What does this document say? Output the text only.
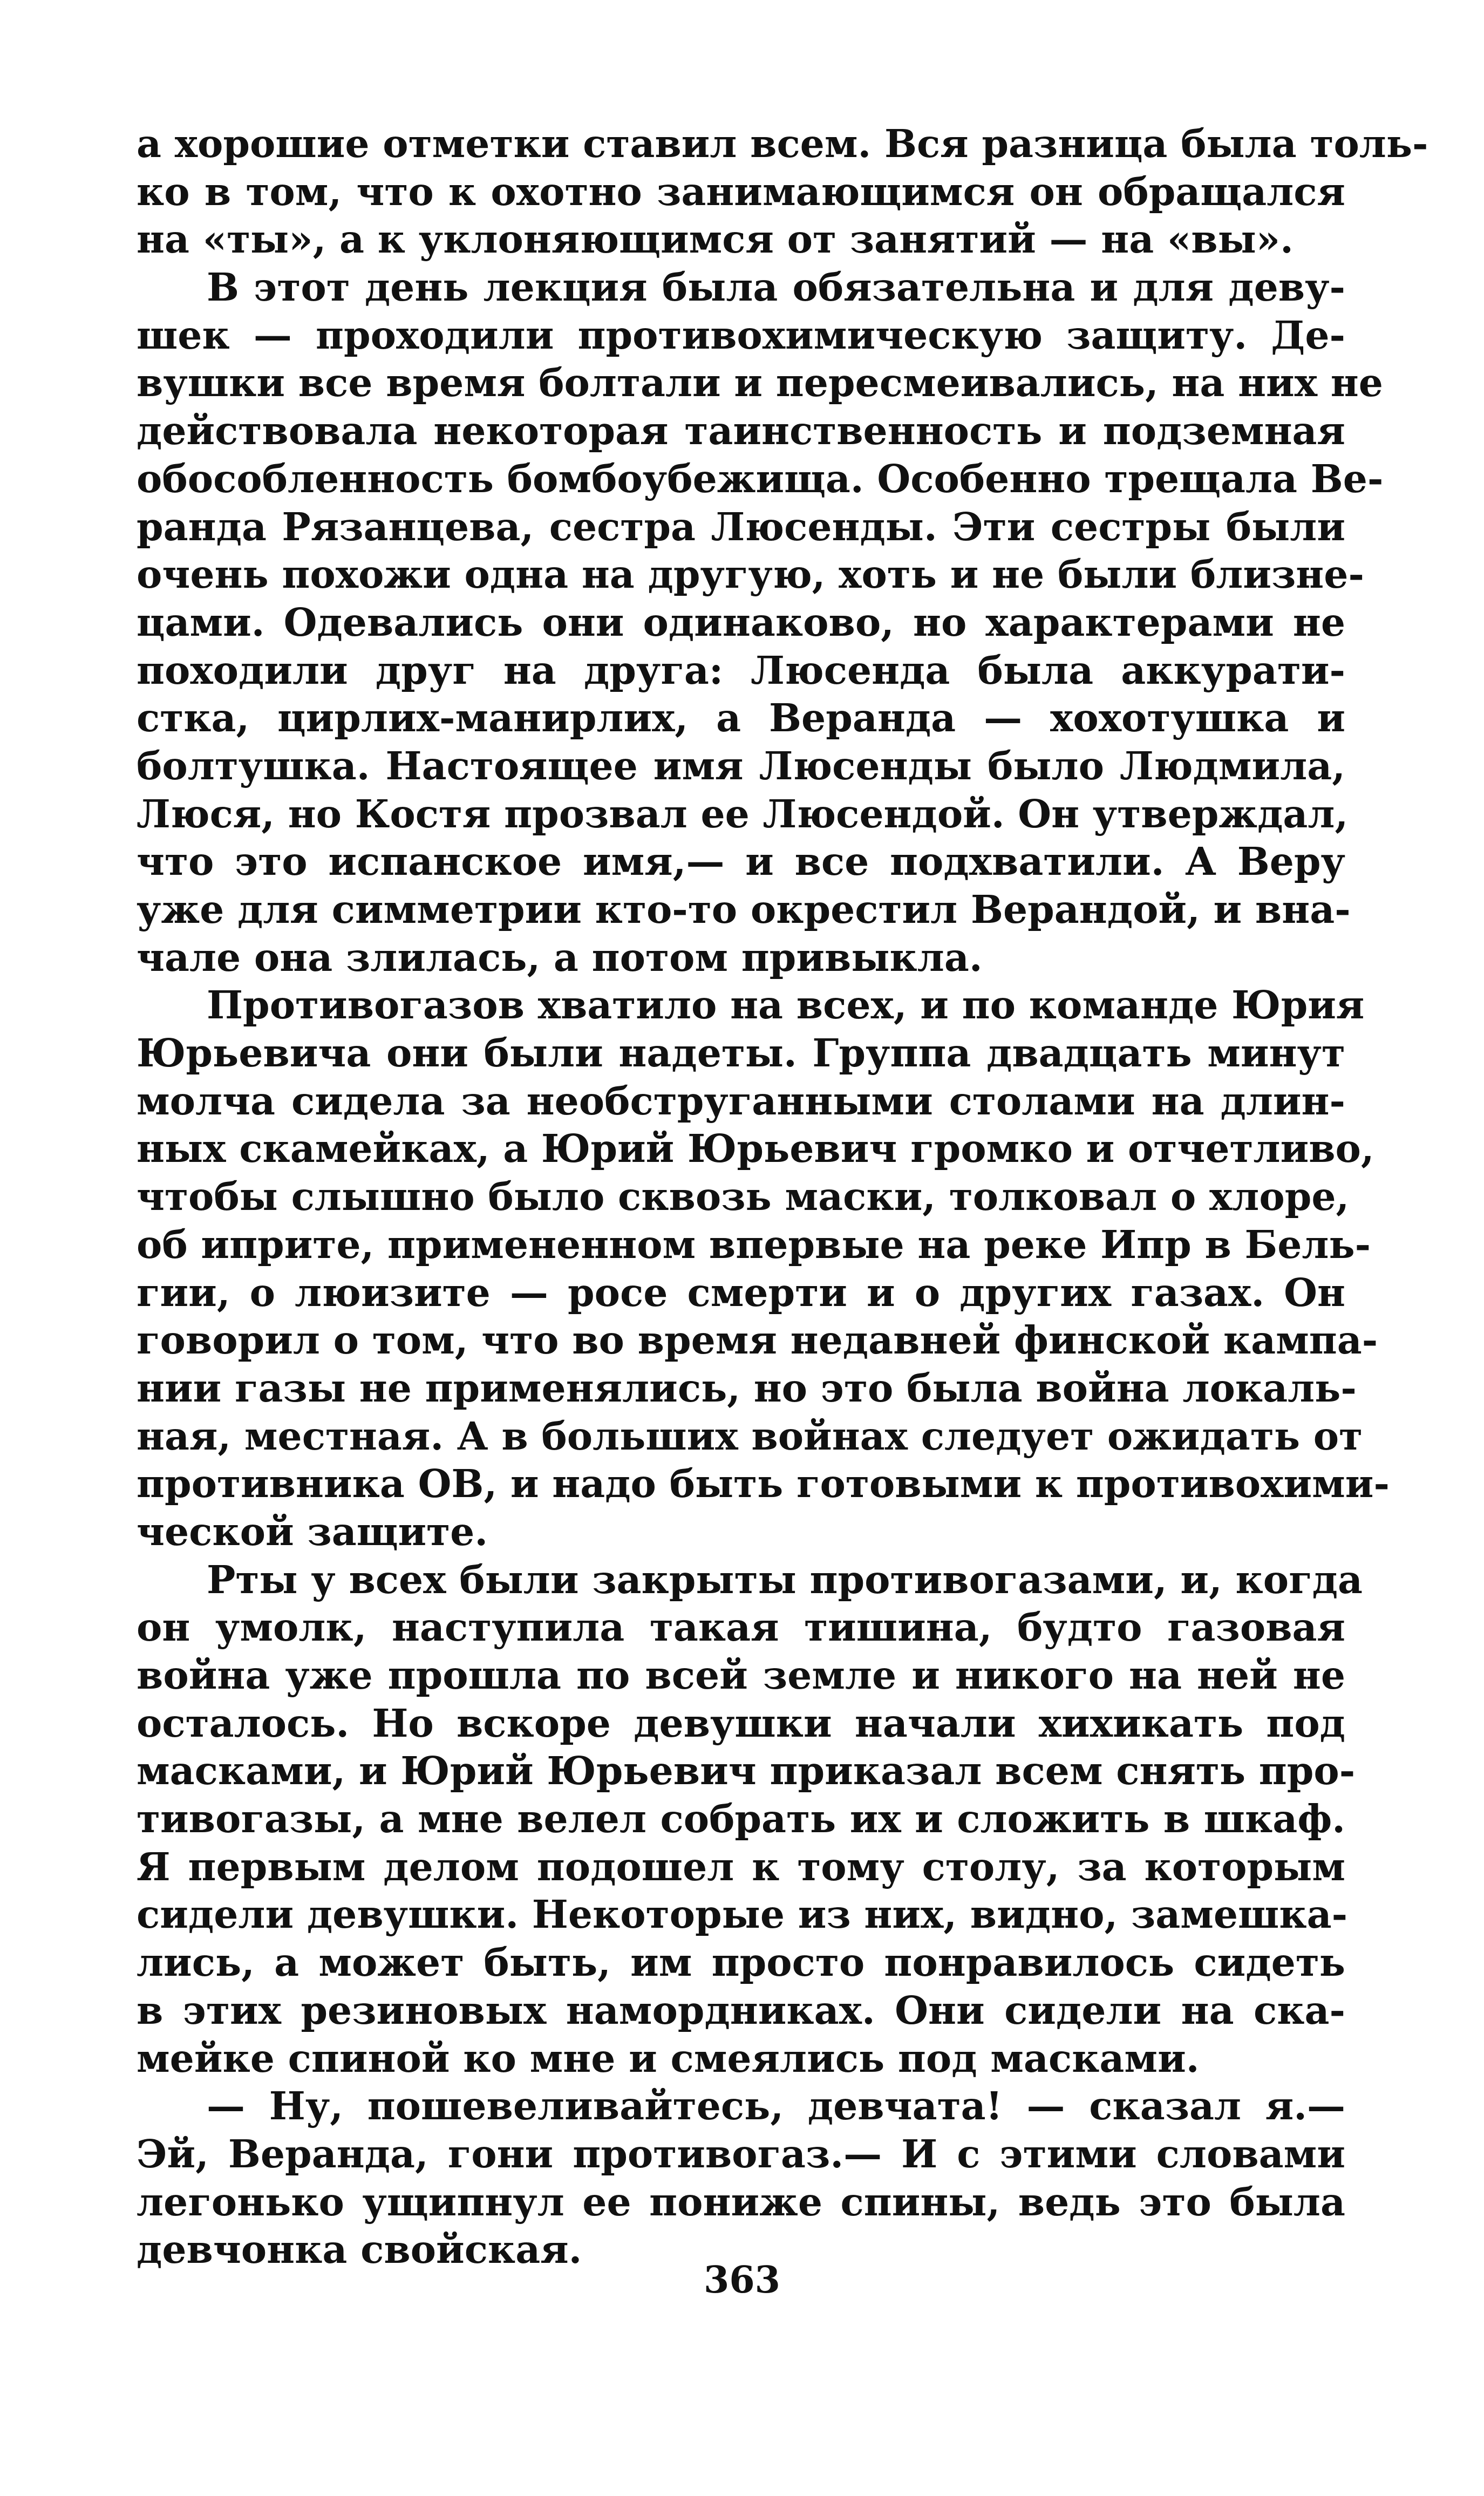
а хорошие отметки ставил всем. Вся разница была толь-
ко в том, что к охотно занимающимся он обращался
на «ты», а к уклоняющимся от занятий — на «вы».
В этот день лекция была обязательна и для деву-
шек — проходили противохимическую защиту. Де-
вушки все время болтали и пересмеивались, на них не
действовала некоторая таинственность и подземная
обособленность бомбоубежища. Особенно трещала Ве-
ранда Рязанцева, сестра Люсенды. Эти сестры были
очень похожи одна на другую, хоть и не были близне-
цами. Одевались они одинаково, но характерами не
походили друг на друга: Люсенда была аккурати-
стка, цирлих-манирлих, а Веранда — хохотушка и
болтушка. Настоящее имя Люсенды было Людмила,
Люся, но Костя прозвал ее Люсендой. Он утверждал,
что это испанское имя,— и все подхватили. А Веру
уже для симметрии кто-то окрестил Верандой, и вна-
чале она злилась, а потом привыкла.
Противогазов хватило на всех, и по команде Юрия
Юрьевича они были надеты. Группа двадцать минут
молча сидела за необструганными столами на длин-
ных скамейках, а Юрий Юрьевич громко и отчетливо,
чтобы слышно было сквозь маски, толковал о хлоре,
об иприте, примененном впервые на реке Ипр в Бель-
гии, о люизите — росе смерти и о других газах. Он
говорил о том, что во время недавней финской кампа-
нии газы не применялись, но это была война локаль-
ная, местная. А в больших войнах следует ожидать от
противника ОВ, и надо быть готовыми к противохими-
ческой защите.
Рты у всех были закрыты противогазами, и, когда
он умолк, наступила такая тишина, будто газовая
война уже прошла по всей земле и никого на ней не
осталось. Но вскоре девушки начали хихикать под
масками, и Юрий Юрьевич приказал всем снять про-
тивогазы, а мне велел собрать их и сложить в шкаф.
Я первым делом подошел к тому столу, за которым
сидели девушки. Некоторые из них, видно, замешка-
лись, а может быть, им просто понравилось сидеть
в этих резиновых намордниках. Они сидели на ска-
мейке спиной ко мне и смеялись под масками.
— Ну, пошевеливайтесь, девчата! — сказал я.—
Эй, Веранда, гони противогаз.— И с этими словами
легонько ущипнул ее пониже спины, ведь это была
девчонка свойская.
363
